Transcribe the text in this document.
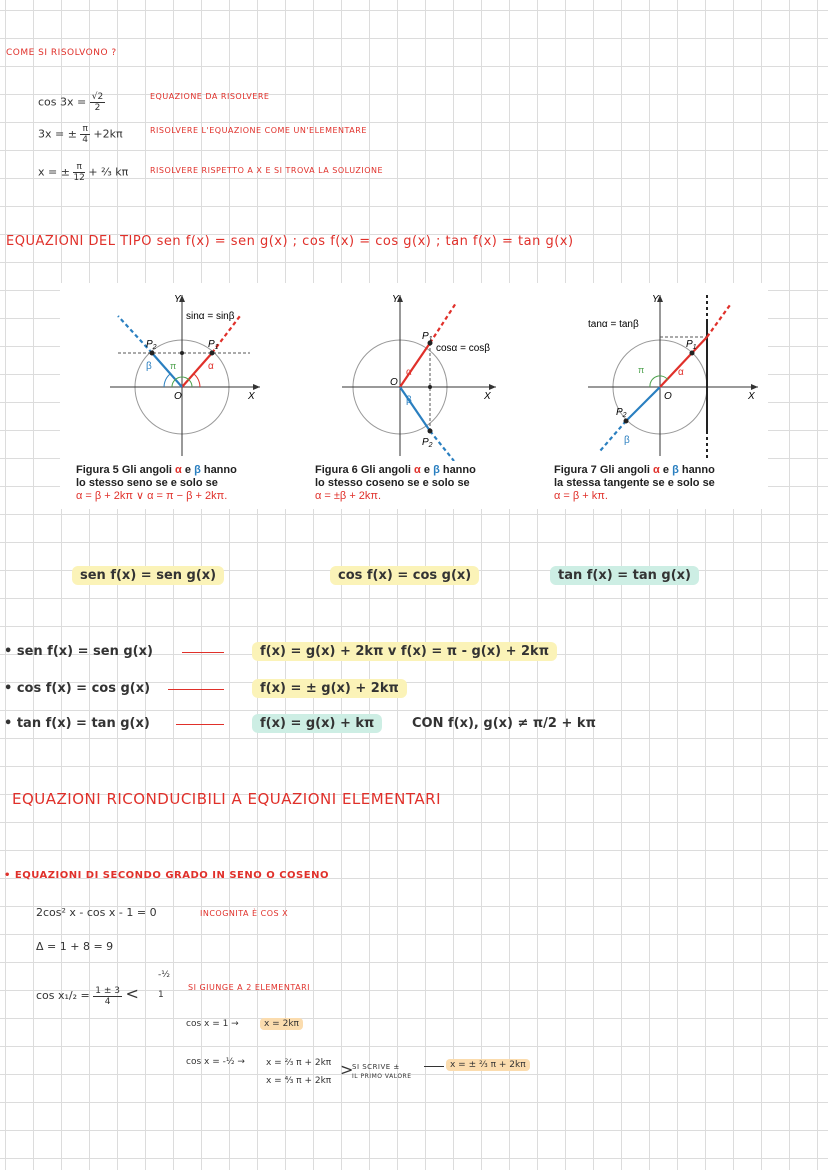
COME SI RISOLVONO ?
$\cos 3x = \frac{√2}{2}$	EQUAZIONE DA RISOLVERE
3x = ± $\frac{\pi}{4} +2k\pi$	RISOLVERE L'EQUAZIONE COME UN'ELEMENTARE
x = ± $\frac{\pi}{12}$ + ⅔ kπ	RISOLVERE RISPETTO A X E SI TROVA LA SOLUZIONE
EQUAZIONI DEL TIPO sen f(x) = sen g(x) ; cos f(x) = cos g(x) ; tan f(x) = tan g(x)
Y
X
O
$P_1$
$P_2$
α
β π
sinα = sinβ
Y
X
O
$P_1$
$P_2$
α
β
cosα = cosβ
Y
X
O
$P_1$
$P_2$
α
β
π
tanα = tanβ
Figura 5 Gli angoli α e β hanno
lo stesso seno se e solo se
α = β + 2kπ ∨ α = π − β + 2kπ.
Figura 6 Gli angoli α e β hanno
lo stesso coseno se e solo se
α = ±β + 2kπ.
Figura 7 Gli angoli α e β hanno
la stessa tangente se e solo se
α = β + kπ.
sen f(x) = sen g(x)	cos f(x) = cos g(x)	tan f(x) = tan g(x)
• sen f(x) = sen g(x)	f(x) = g(x) + 2kπ v f(x) = π - g(x) + 2kπ
• cos f(x) = cos g(x)	f(x) = ± g(x) + 2kπ
• tan f(x) = tan g(x)	f(x) = g(x) + kπ	CON f(x), g(x) ≠ π/2 + kπ
EQUAZIONI RICONDUCIBILI A EQUAZIONI ELEMENTARI
• EQUAZIONI DI SECONDO GRADO IN SENO O COSENO
2cos² x - cos x - 1 = 0	INCOGNITA È COS X
Δ = 1 + 8 = 9
$\cos x_1/_2 = \frac{1 \pm 3}{4}$ <
-½
1
SI GIUNGE A 2 ELEMENTARI
cos x = 1 →	x = 2kπ
cos x = -½ → x = ⅔ π + 2kπ
x = ⁴⁄₃ π + 2kπ
>
SI SCRIVE ±
IL PRIMO VALORE
x = ± ⅔ π + 2kπ
